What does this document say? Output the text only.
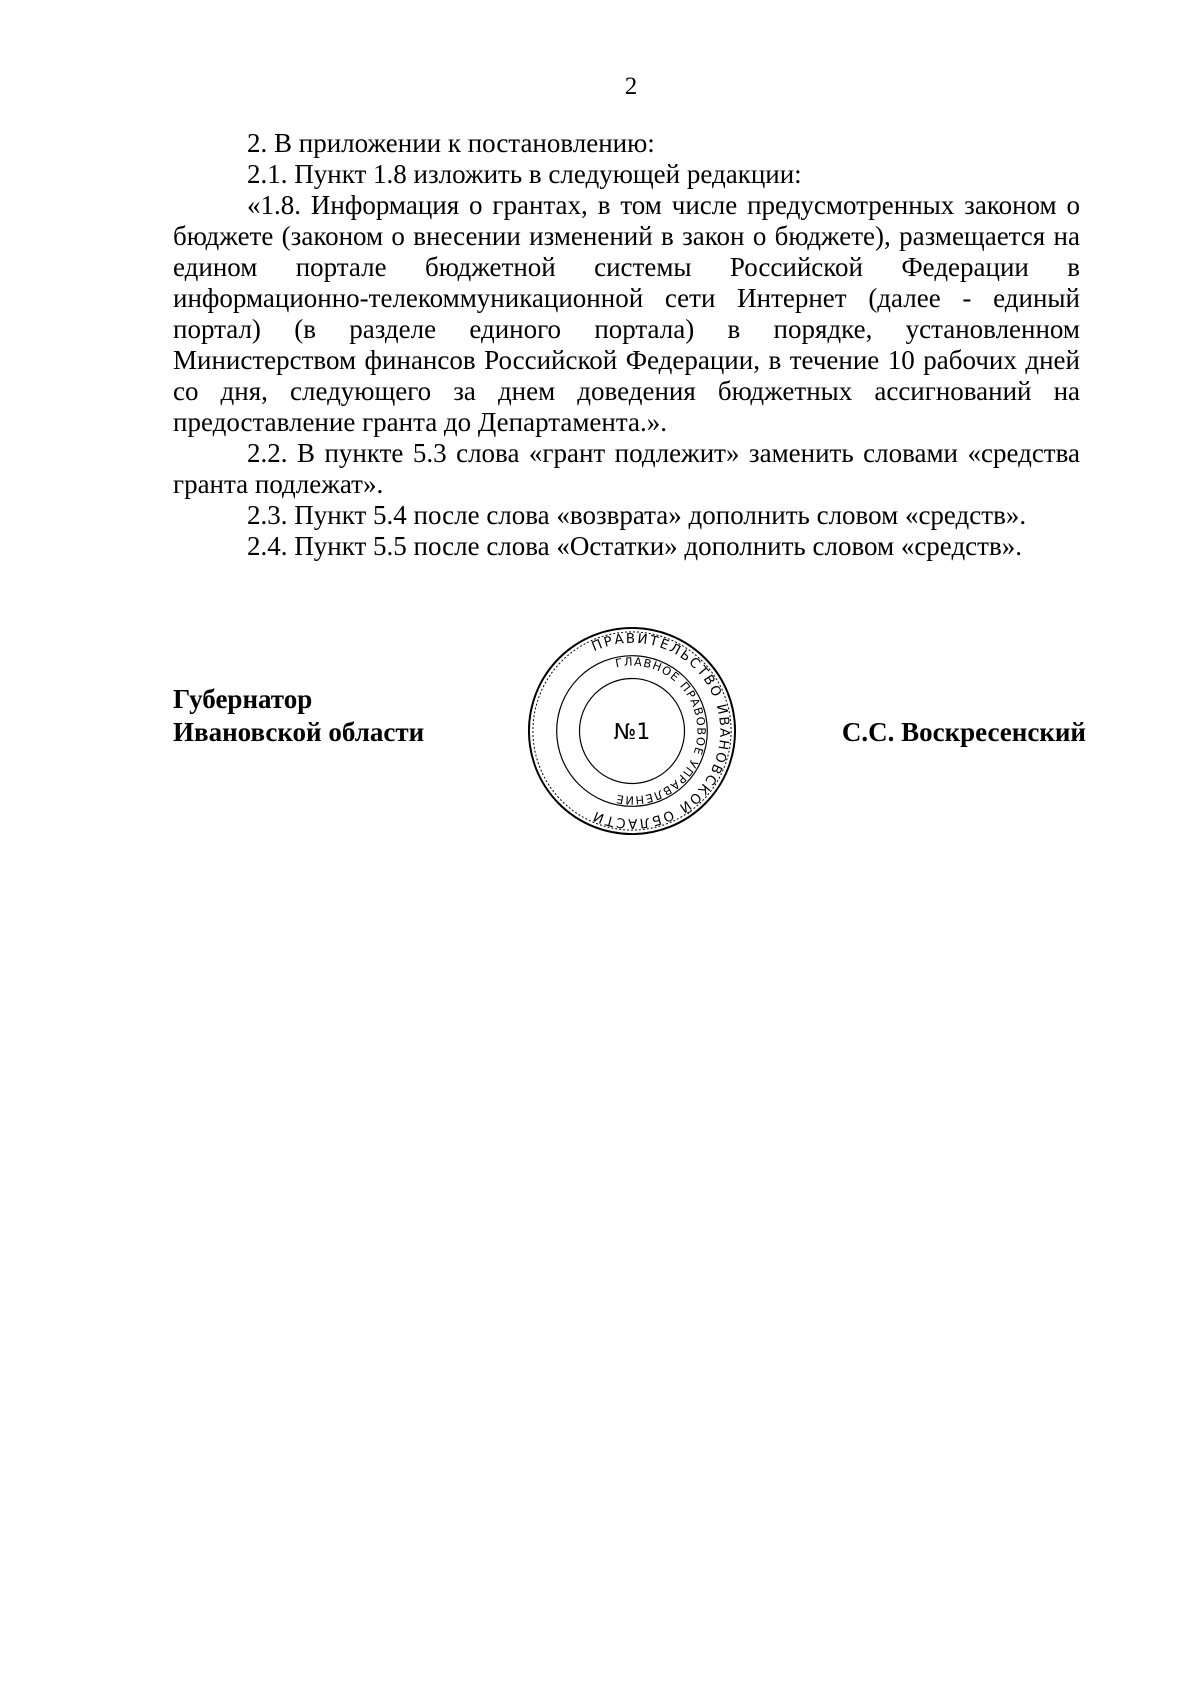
2

2. В приложении к постановлению:

2.1. Пункт 1.8 изложить в следующей редакции:

«1.8. Информация о грантах, в том числе предусмотренных законом о бюджете (законом о внесении изменений в закон о бюджете), размещается на едином портале бюджетной системы Российской Федерации в информационно-телекоммуникационной сети Интернет (далее - единый портал) (в разделе единого портала) в порядке, установленном Министерством финансов Российской Федерации, в течение 10 рабочих дней со дня, следующего за днем доведения бюджетных ассигнований на предоставление гранта до Департамента.».

2.2. В пункте 5.3 слова «грант подлежит» заменить словами «средства гранта подлежат».

2.3. Пункт 5.4 после слова «возврата» дополнить словом «средств».

2.4. Пункт 5.5 после слова «Остатки» дополнить словом «средств».

Губернатор
Ивановской области
ПРАВИТЕЛЬСТВО ИВАНОВСКОЙ ОБЛАСТИ
ГЛАВНОЕ ПРАВОВОЕ УПРАВЛЕНИЕ
№1	С.С. Воскресенский
